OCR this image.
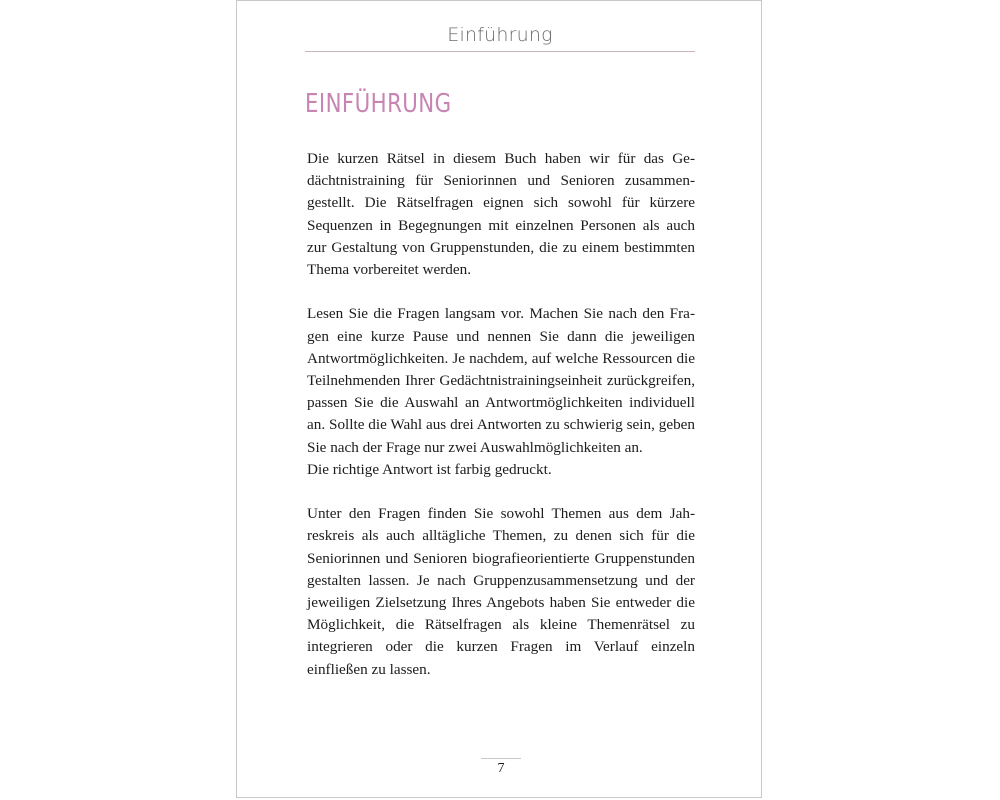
Einführung
EINFÜHRUNG

Die kurzen Rätsel in diesem Buch haben wir für das Gedächtnistraining für Seniorinnen und Senioren zusammengestellt. Die Rätselfragen eignen sich sowohl für kürzere Sequenzen in Begegnungen mit einzelnen Personen als auch zur Gestaltung von Gruppenstunden, die zu einem bestimmten Thema vorbereitet werden.

Lesen Sie die Fragen langsam vor. Machen Sie nach den Fragen eine kurze Pause und nennen Sie dann die jeweiligen Antwortmöglichkeiten. Je nachdem, auf welche Ressourcen die Teilnehmenden Ihrer Gedächtnistrainingseinheit zurückgreifen, passen Sie die Auswahl an Antwortmöglichkeiten individuell an. Sollte die Wahl aus drei Antworten zu schwierig sein, geben Sie nach der Frage nur zwei Auswahlmöglichkeiten an.

Die richtige Antwort ist farbig gedruckt.

Unter den Fragen finden Sie sowohl Themen aus dem Jahreskreis als auch alltägliche Themen, zu denen sich für die Seniorinnen und Senioren biografieorientierte Gruppenstunden gestalten lassen. Je nach Gruppenzusammensetzung und der jeweiligen Zielsetzung Ihres Angebots haben Sie entweder die Möglichkeit, die Rätselfragen als kleine Themenrätsel zu integrieren oder die kurzen Fragen im Verlauf einzeln einfließen zu lassen.

7
